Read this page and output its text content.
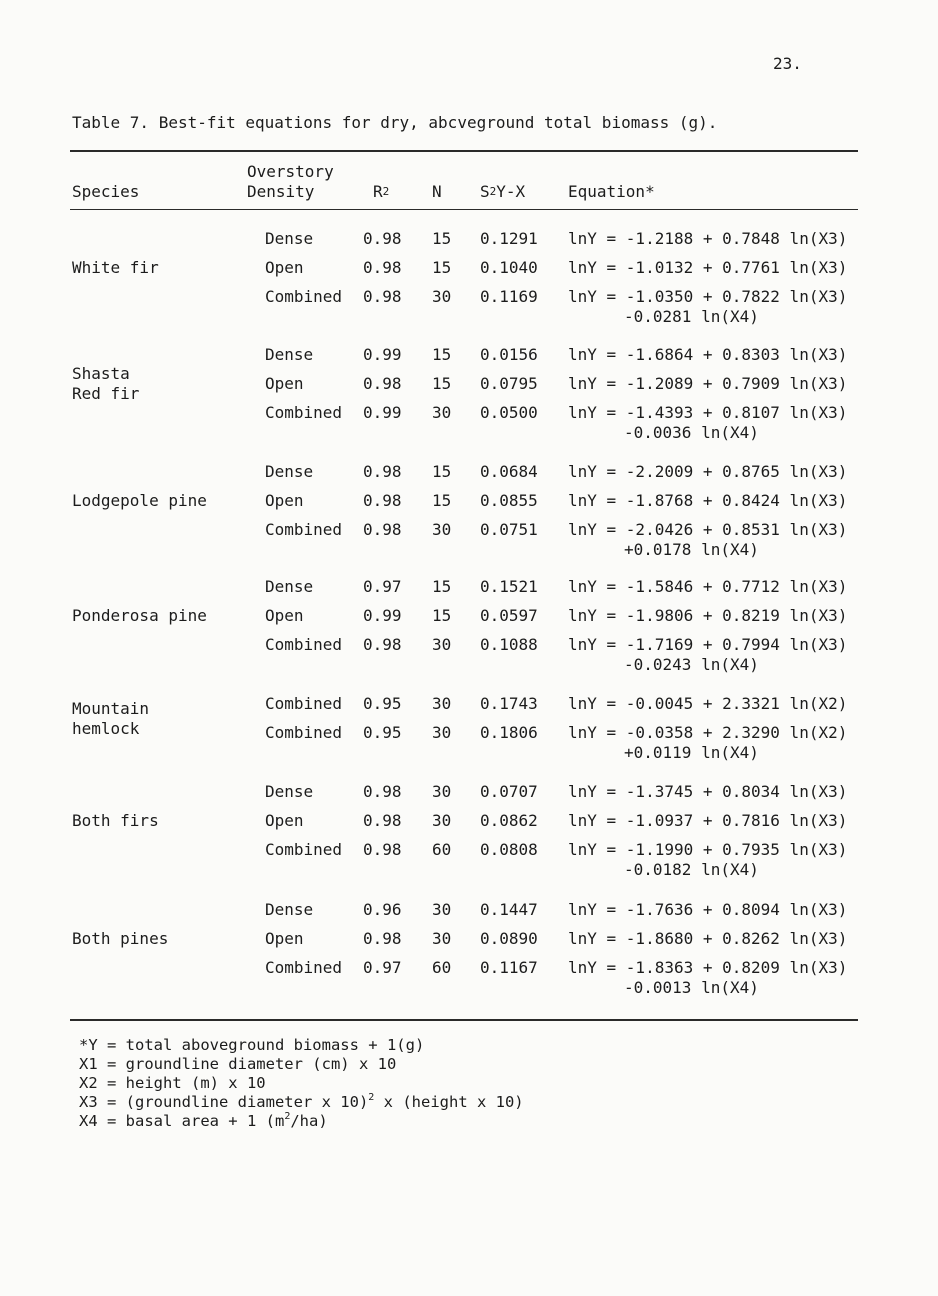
23.
Table 7. Best-fit equations for dry, abcveground total biomass (g).
Species
Overstory
Density	$R^2$	N $S^2Y-X$	Equation*
White fir
Dense	0.98 15 0.1291 lnY = -1.2188 + 0.7848 ln(X3)
Open	0.98 15 0.1040 lnY = -1.0132 + 0.7761 ln(X3)
Combined 0.98 30 0.1169 lnY = -1.0350 + 0.7822 ln(X3)
-0.0281 ln(X4)
Shasta
Red fir
Dense	0.99 15 0.0156 lnY = -1.6864 + 0.8303 ln(X3)
Open	0.98 15 0.0795 lnY = -1.2089 + 0.7909 ln(X3)
Combined 0.99 30 0.0500 lnY = -1.4393 + 0.8107 ln(X3)
-0.0036 ln(X4)
Lodgepole pine
Dense	0.98 15 0.0684 lnY = -2.2009 + 0.8765 ln(X3)
Open	0.98 15 0.0855 lnY = -1.8768 + 0.8424 ln(X3)
Combined 0.98 30 0.0751 lnY = -2.0426 + 0.8531 ln(X3)
+0.0178 ln(X4)
Ponderosa pine
Dense	0.97 15 0.1521 lnY = -1.5846 + 0.7712 ln(X3)
Open	0.99 15 0.0597 lnY = -1.9806 + 0.8219 ln(X3)
Combined 0.98 30 0.1088 lnY = -1.7169 + 0.7994 ln(X3)
-0.0243 ln(X4)
Mountain
hemlock
Combined 0.95 30 0.1743 lnY = -0.0045 + 2.3321 ln(X2)
Combined 0.95 30 0.1806 lnY = -0.0358 + 2.3290 ln(X2)
+0.0119 ln(X4)
Both firs
Dense	0.98 30 0.0707 lnY = -1.3745 + 0.8034 ln(X3)
Open	0.98 30 0.0862 lnY = -1.0937 + 0.7816 ln(X3)
Combined 0.98 60 0.0808 lnY = -1.1990 + 0.7935 ln(X3)
-0.0182 ln(X4)
Both pines
Dense	0.96 30 0.1447 lnY = -1.7636 + 0.8094 ln(X3)
Open	0.98 30 0.0890 lnY = -1.8680 + 0.8262 ln(X3)
Combined 0.97 60 0.1167 lnY = -1.8363 + 0.8209 ln(X3)
-0.0013 ln(X4)
*Y = total aboveground biomass + 1(g)
X1 = groundline diameter (cm) x 10
X2 = height (m) x 10
X3 = (groundline diameter x 10)$^2$ x (height x 10)
X4 = basal area + 1 $(m^2/ha)$
